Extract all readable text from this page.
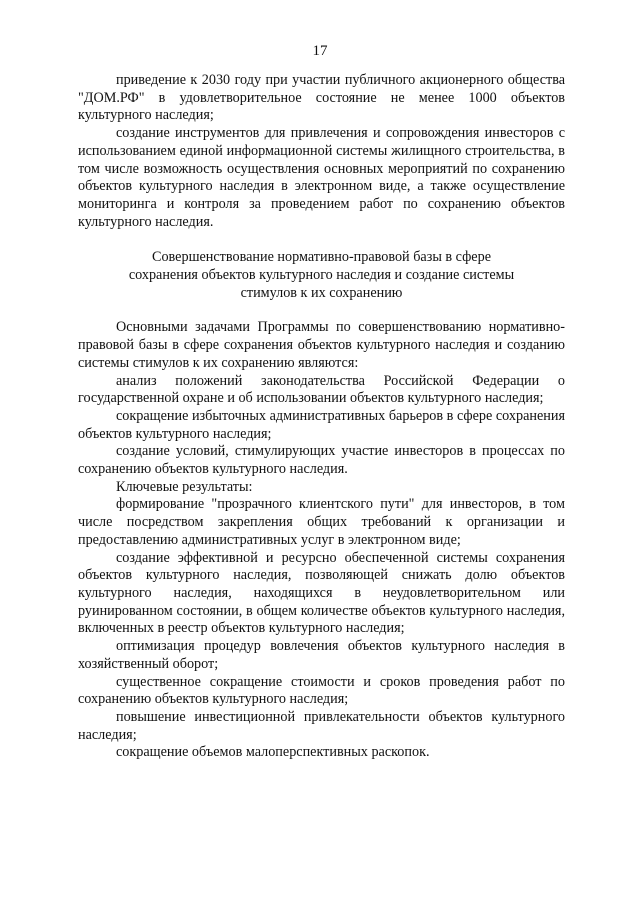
17

приведение к 2030 году при участии публичного акционерного общества "ДОМ.РФ" в удовлетворительное состояние не менее 1000 объектов культурного наследия;

создание инструментов для привлечения и сопровождения инвесторов с использованием единой информационной системы жилищного строительства, в том числе возможность осуществления основных мероприятий по сохранению объектов культурного наследия в электронном виде, а также осуществление мониторинга и контроля за проведением работ по сохранению объектов культурного наследия.

Совершенствование нормативно-правовой базы в сфере
сохранения объектов культурного наследия и создание системы
стимулов к их сохранению

Основными задачами Программы по совершенствованию нормативно-правовой базы в сфере сохранения объектов культурного наследия и созданию системы стимулов к их сохранению являются:

анализ положений законодательства Российской Федерации о государственной охране и об использовании объектов культурного наследия;

сокращение избыточных административных барьеров в сфере сохранения объектов культурного наследия;

создание условий, стимулирующих участие инвесторов в процессах по сохранению объектов культурного наследия.

Ключевые результаты:

формирование "прозрачного клиентского пути" для инвесторов, в том числе посредством закрепления общих требований к организации и предоставлению административных услуг в электронном виде;

создание эффективной и ресурсно обеспеченной системы сохранения объектов культурного наследия, позволяющей снижать долю объектов культурного наследия, находящихся в неудовлетворительном или руинированном состоянии, в общем количестве объектов культурного наследия, включенных в реестр объектов культурного наследия;

оптимизация процедур вовлечения объектов культурного наследия в хозяйственный оборот;

существенное сокращение стоимости и сроков проведения работ по сохранению объектов культурного наследия;

повышение инвестиционной привлекательности объектов культурного наследия;

сокращение объемов малоперспективных раскопок.
